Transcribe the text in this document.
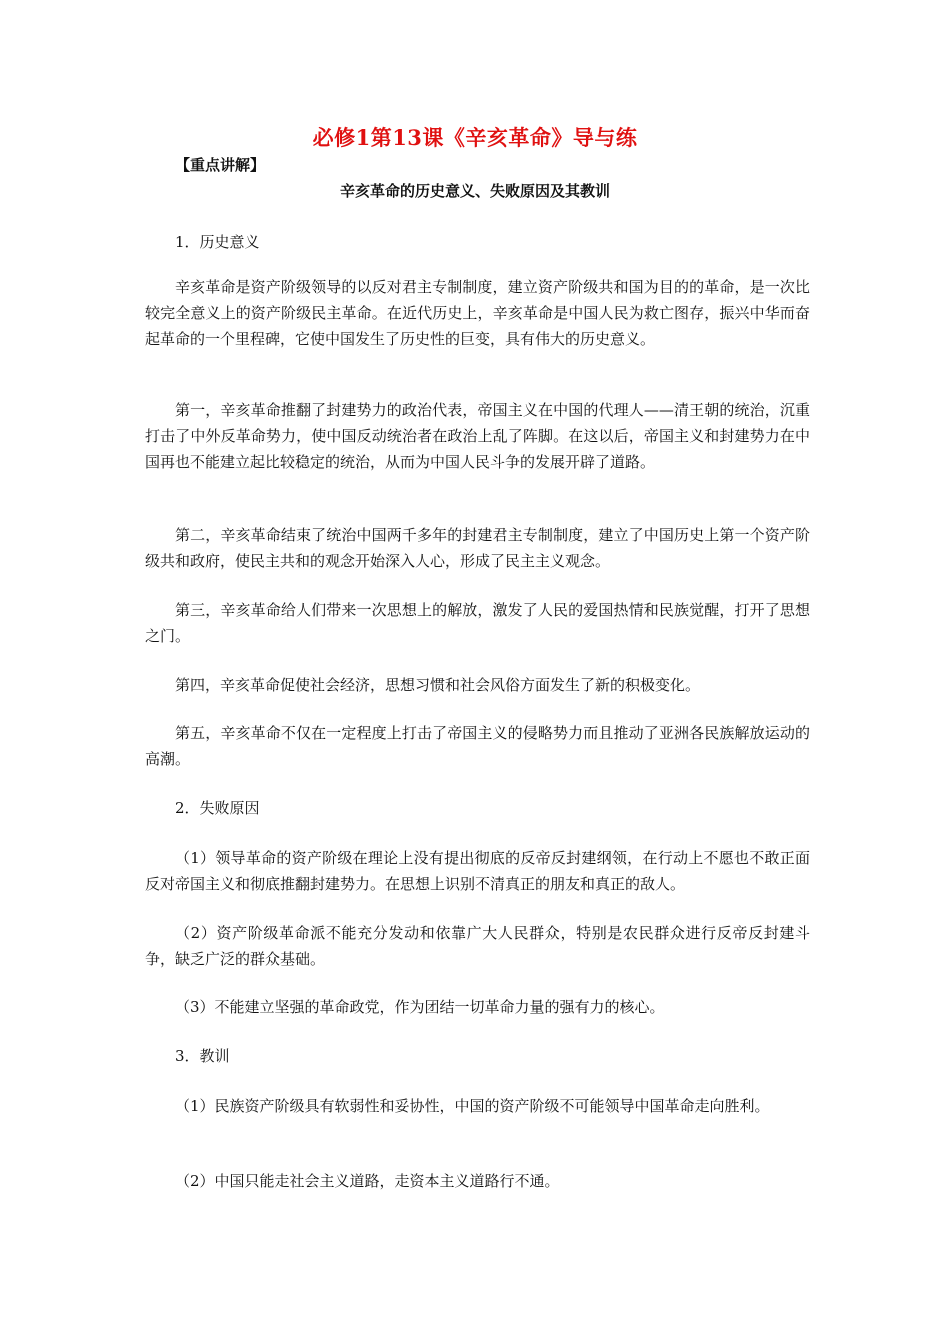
必修1第13课《辛亥革命》导与练
【重点讲解】
辛亥革命的历史意义、失败原因及其教训
1．历史意义

辛亥革命是资产阶级领导的以反对君主专制制度，建立资产阶级共和国为目的的革命，是一次比较完全意义上的资产阶级民主革命。在近代历史上，辛亥革命是中国人民为救亡图存，振兴中华而奋起革命的一个里程碑，它使中国发生了历史性的巨变，具有伟大的历史意义。

第一，辛亥革命推翻了封建势力的政治代表，帝国主义在中国的代理人——清王朝的统治，沉重打击了中外反革命势力，使中国反动统治者在政治上乱了阵脚。在这以后，帝国主义和封建势力在中国再也不能建立起比较稳定的统治，从而为中国人民斗争的发展开辟了道路。

第二，辛亥革命结束了统治中国两千多年的封建君主专制制度，建立了中国历史上第一个资产阶级共和政府，使民主共和的观念开始深入人心，形成了民主主义观念。

第三，辛亥革命给人们带来一次思想上的解放，激发了人民的爱国热情和民族觉醒，打开了思想之门。

第四，辛亥革命促使社会经济，思想习惯和社会风俗方面发生了新的积极变化。

第五，辛亥革命不仅在一定程度上打击了帝国主义的侵略势力而且推动了亚洲各民族解放运动的高潮。

2．失败原因

（1）领导革命的资产阶级在理论上没有提出彻底的反帝反封建纲领，在行动上不愿也不敢正面反对帝国主义和彻底推翻封建势力。在思想上识别不清真正的朋友和真正的敌人。

（2）资产阶级革命派不能充分发动和依靠广大人民群众，特别是农民群众进行反帝反封建斗争，缺乏广泛的群众基础。

（3）不能建立坚强的革命政党，作为团结一切革命力量的强有力的核心。

3．教训

（1）民族资产阶级具有软弱性和妥协性，中国的资产阶级不可能领导中国革命走向胜利。

（2）中国只能走社会主义道路，走资本主义道路行不通。
